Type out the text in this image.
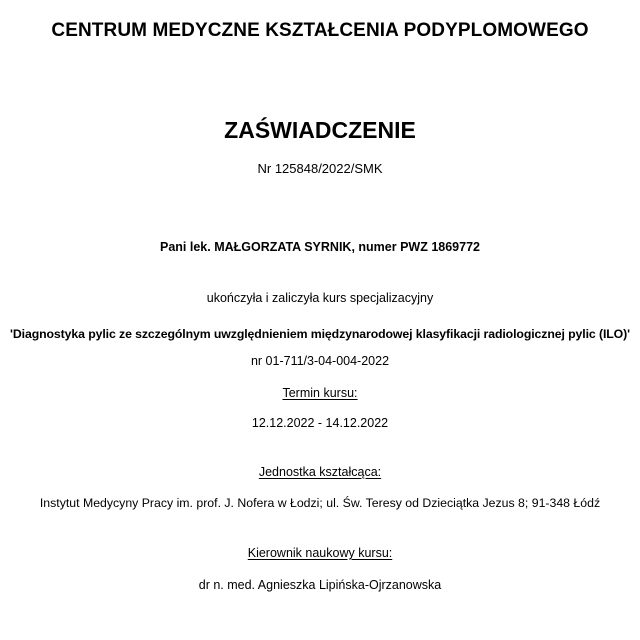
CENTRUM MEDYCZNE KSZTAŁCENIA PODYPLOMOWEGO
ZAŚWIADCZENIE
Nr 125848/2022/SMK
Pani lek. MAŁGORZATA SYRNIK, numer PWZ 1869772
ukończyła i zaliczyła kurs specjalizacyjny
'Diagnostyka pylic ze szczególnym uwzględnieniem międzynarodowej klasyfikacji radiologicznej pylic (ILO)'
nr 01-711/3-04-004-2022
Termin kursu:
12.12.2022 - 14.12.2022
Jednostka kształcąca:
Instytut Medycyny Pracy im. prof. J. Nofera w Łodzi; ul. Św. Teresy od Dzieciątka Jezus 8; 91-348 Łódź
Kierownik naukowy kursu:
dr n. med. Agnieszka Lipińska-Ojrzanowska
